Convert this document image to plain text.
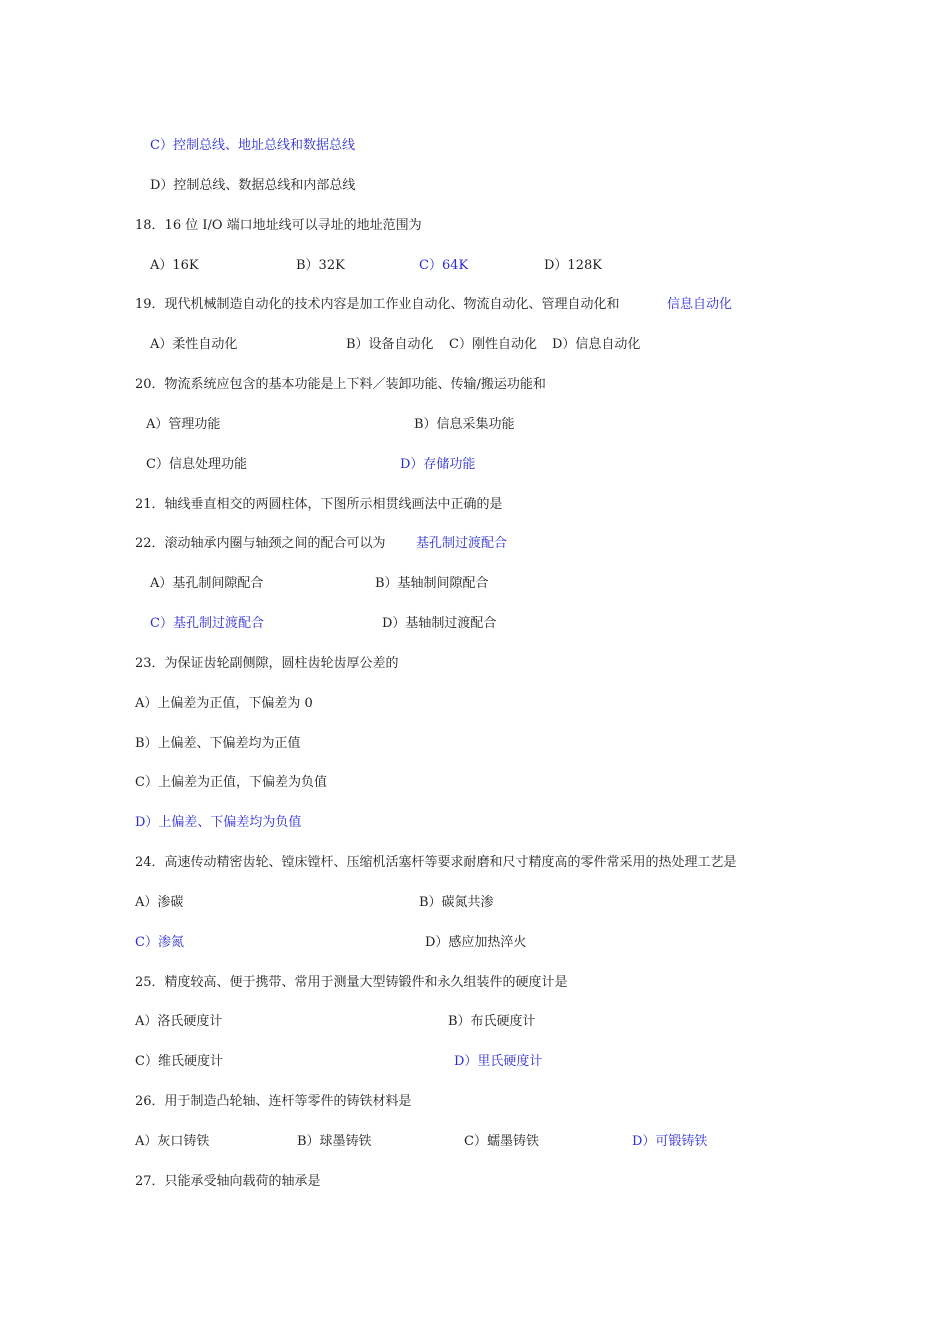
C）控制总线、地址总线和数据总线
D）控制总线、数据总线和内部总线
18．16 位 I/O 端口地址线可以寻址的地址范围为
A）16K	B）32K	C）64K	D）128K
19．现代机械制造自动化的技术内容是加工作业自动化、物流自动化、管理自动化和	信息自动化
A）柔性自动化	B）设备自动化 C）刚性自动化 D）信息自动化
20．物流系统应包含的基本功能是上下料／装卸功能、传输/搬运功能和
A）管理功能	B）信息采集功能
C）信息处理功能	D）存储功能
21．轴线垂直相交的两圆柱体，下图所示相贯线画法中正确的是
22．滚动轴承内圈与轴颈之间的配合可以为 基孔制过渡配合
A）基孔制间隙配合	B）基轴制间隙配合
C）基孔制过渡配合	D）基轴制过渡配合
23．为保证齿轮副侧隙，圆柱齿轮齿厚公差的
A）上偏差为正值，下偏差为 0
B）上偏差、下偏差均为正值
C）上偏差为正值，下偏差为负值
D）上偏差、下偏差均为负值
24．高速传动精密齿轮、镗床镗杆、压缩机活塞杆等要求耐磨和尺寸精度高的零件常采用的热处理工艺是
A）渗碳	B）碳氮共渗
C）渗氮	D）感应加热淬火
25．精度较高、便于携带、常用于测量大型铸锻件和永久组装件的硬度计是
A）洛氏硬度计	B）布氏硬度计
C）维氏硬度计	D）里氏硬度计
26．用于制造凸轮轴、连杆等零件的铸铁材料是
A）灰口铸铁	B）球墨铸铁	C）蠕墨铸铁	D）可锻铸铁
27．只能承受轴向载荷的轴承是
